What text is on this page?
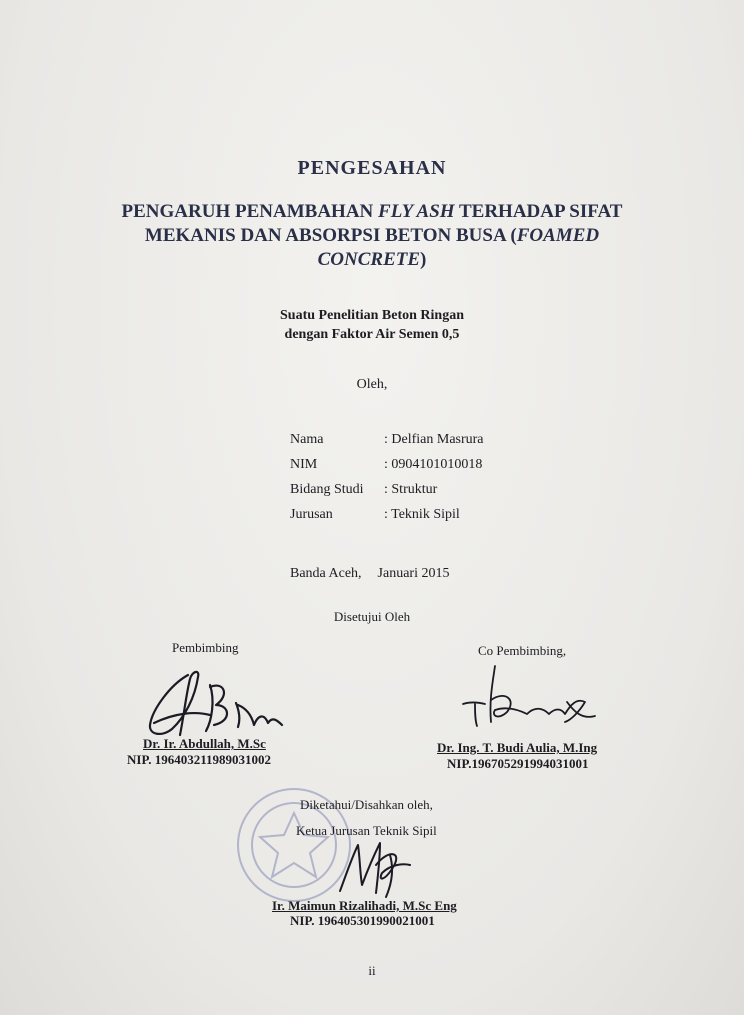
PENGESAHAN
PENGARUH PENAMBAHAN FLY ASH TERHADAP SIFAT
MEKANIS DAN ABSORPSI BETON BUSA (FOAMED
CONCRETE)
Suatu Penelitian Beton Ringan
dengan Faktor Air Semen 0,5
Oleh,
Nama	: Delfian Masrura
NIM	: 0904101010018
Bidang Studi	: Struktur
Jurusan	: Teknik Sipil
Banda Aceh, Januari 2015
Disetujui Oleh
Pembimbing	Co Pembimbing,
Dr. Ir. Abdullah, M.Sc
NIP. 196403211989031002
Dr. Ing. T. Budi Aulia, M.Ing
NIP.196705291994031001
Diketahui/Disahkan oleh,
Ketua Jurusan Teknik Sipil
Ir. Maimun Rizalihadi, M.Sc Eng
NIP. 196405301990021001
ii
